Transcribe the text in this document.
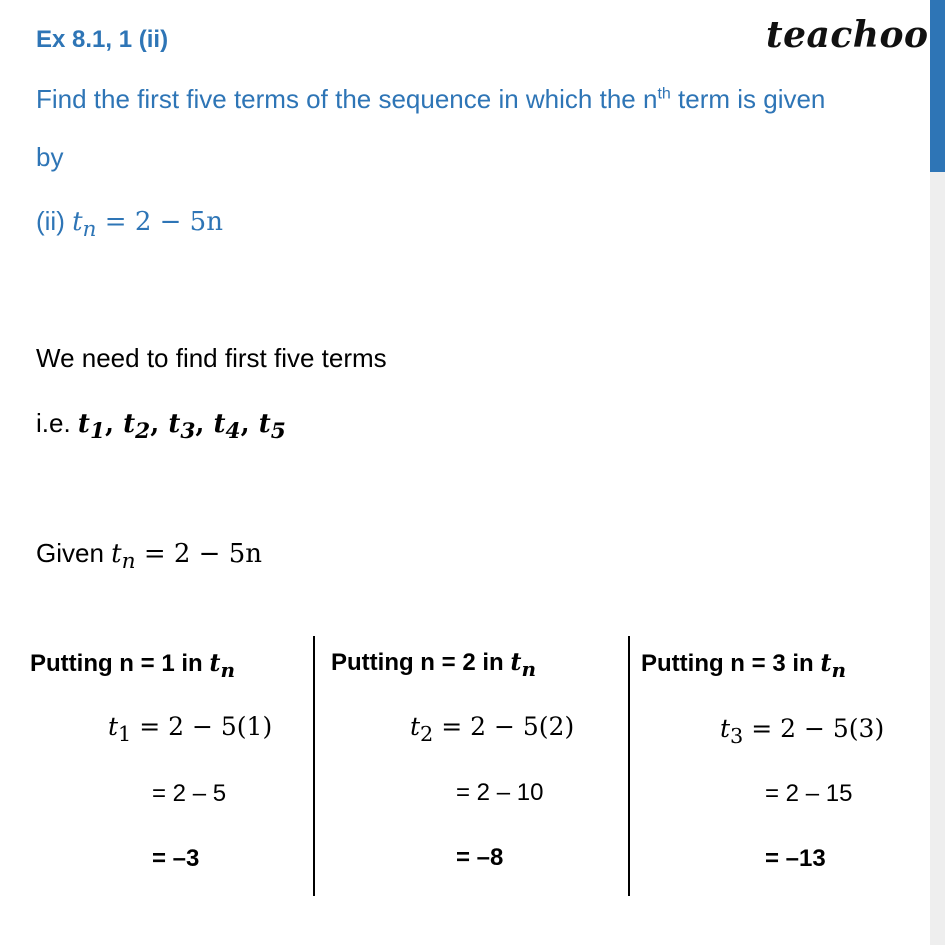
Ex 8.1, 1 (ii)	teachoo
Find the first five terms of the sequence in which the $n^{th}$ term is given
by
(ii) $t_n = 2 - 5n$
We need to find first five terms
i.e. $t_1$, $t_2$, $t_3$, $t_4$, $t_5$
Given $t_n = 2 - 5n$
Putting n = 1 in $t_n$
$t_1 = 2 - 5(1)$
= 2 – 5
= –3
Putting n = 2 in $t_n$
$t_2 = 2 - 5(2)$
= 2 – 10
= –8
Putting n = 3 in $t_n$
$t_3 = 2 - 5(3)$
= 2 – 15
= –13
